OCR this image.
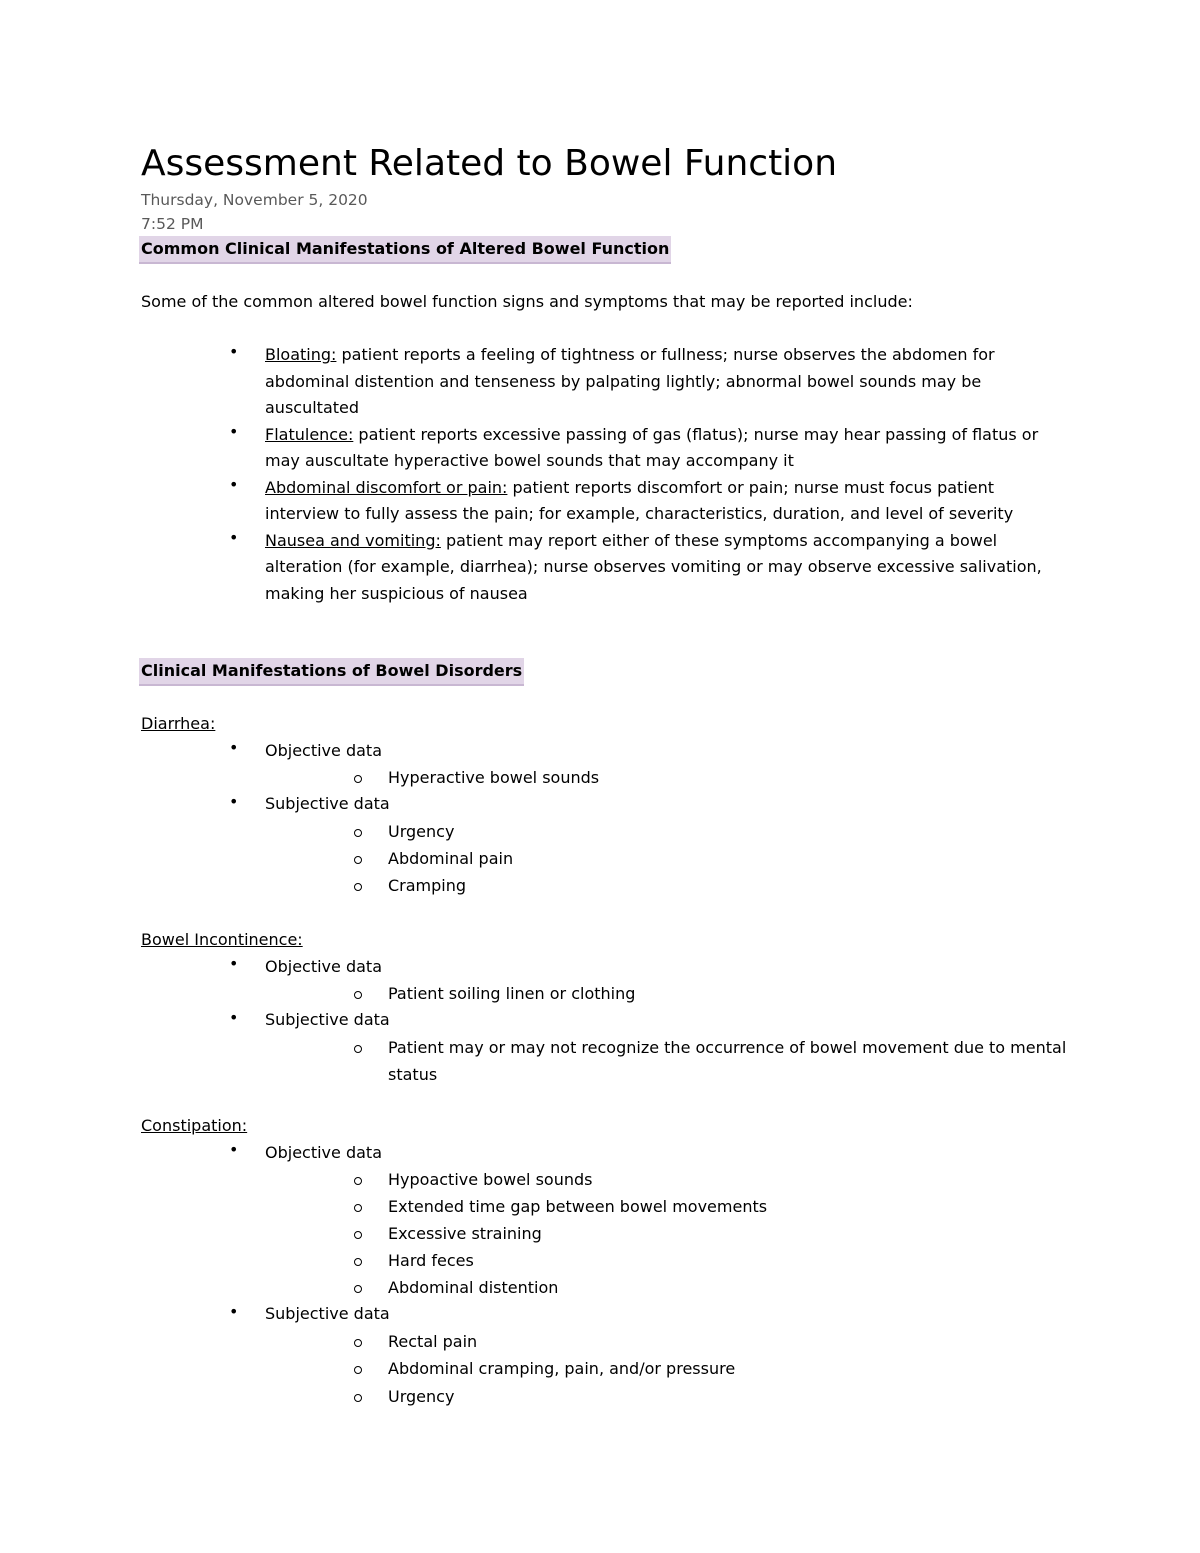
Assessment Related to Bowel Function
Thursday, November 5, 2020
7:52 PM
Common Clinical Manifestations of Altered Bowel Function
Some of the common altered bowel function signs and symptoms that may be reported include:
• Bloating: patient reports a feeling of tightness or fullness; nurse observes the abdomen for abdominal distention and tenseness by palpating lightly; abnormal bowel sounds may be auscultated
• Flatulence: patient reports excessive passing of gas (flatus); nurse may hear passing of flatus or may auscultate hyperactive bowel sounds that may accompany it
• Abdominal discomfort or pain: patient reports discomfort or pain; nurse must focus patient interview to fully assess the pain; for example, characteristics, duration, and level of severity
• Nausea and vomiting: patient may report either of these symptoms accompanying a bowel alteration (for example, diarrhea); nurse observes vomiting or may observe excessive salivation, making her suspicious of nausea
Clinical Manifestations of Bowel Disorders
Diarrhea:
• Objective data
Hyperactive bowel sounds
• Subjective data
Urgency
Abdominal pain
Cramping
Bowel Incontinence:
• Objective data
Patient soiling linen or clothing
• Subjective data
Patient may or may not recognize the occurrence of bowel movement due to mental status
Constipation:
• Objective data
Hypoactive bowel sounds
Extended time gap between bowel movements
Excessive straining
Hard feces
Abdominal distention
• Subjective data
Rectal pain
Abdominal cramping, pain, and/or pressure
Urgency
